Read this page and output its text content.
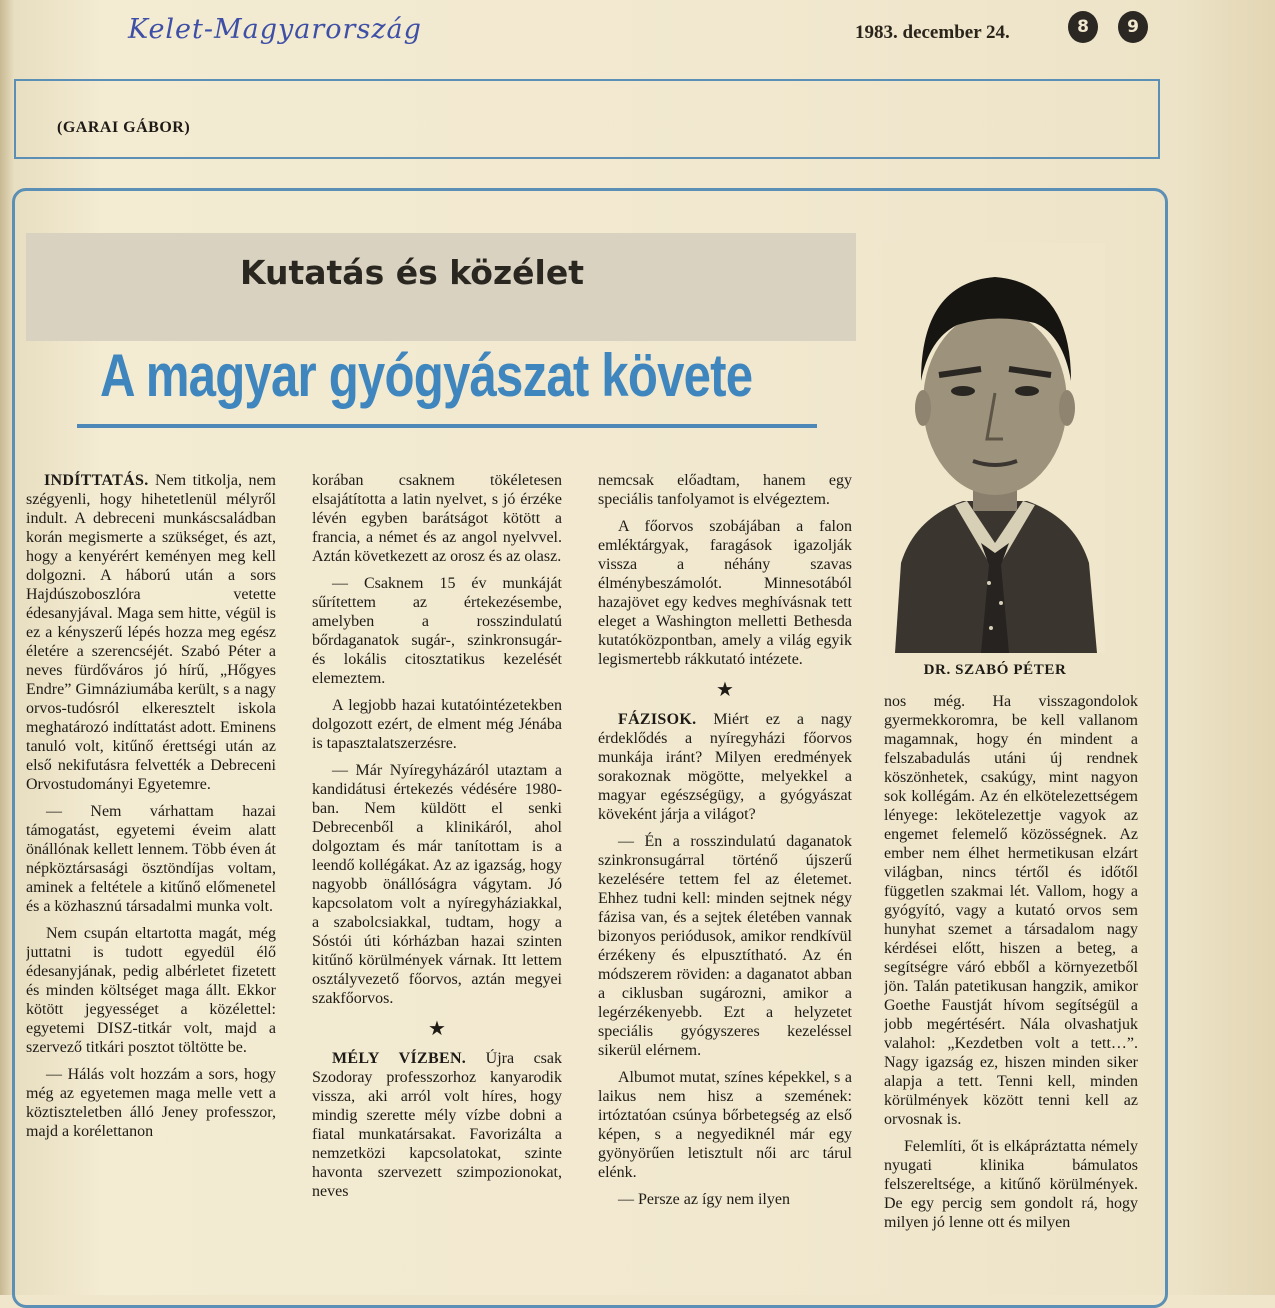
Kelet-Magyarország	1983. december 24.	8	9
(GARAI GÁBOR)
Kutatás és közélet
A magyar gyógyászat követe
DR. SZABÓ PÉTER

INDÍTTATÁS. Nem titkolja, nem szégyenli, hogy hihetetlenül mélyről indult. A debreceni munkáscsaládban korán megismerte a szükséget, és azt, hogy a kenyérért keményen meg kell dolgozni. A háború után a sors Hajdúszoboszlóra vetette édesanyjával. Maga sem hitte, végül is ez a kényszerű lépés hozza meg egész életére a szerencséjét. Szabó Péter a neves fürdőváros jó hírű, „Hőgyes Endre” Gimnáziumába került, s a nagy orvos-tudósról elkeresztelt iskola meghatározó indíttatást adott. Eminens tanuló volt, kitűnő érettségi után az első nekifutásra felvették a Debreceni Orvostudományi Egyetemre.

— Nem várhattam hazai támogatást, egyetemi éveim alatt önállónak kellett lennem. Több éven át népköztársasági ösztöndíjas voltam, aminek a feltétele a kitűnő előmenetel és a közhasznú társadalmi munka volt.

Nem csupán eltartotta magát, még juttatni is tudott egyedül élő édesanyjának, pedig albérletet fizetett és minden költséget maga állt. Ekkor kötött jegyességet a közélettel: egyetemi DISZ-titkár volt, majd a szervező titkári posztot töltötte be.

— Hálás volt hozzám a sors, hogy még az egyetemen maga melle vett a köztiszteletben álló Jeney professzor, majd a korélettanon

korában csaknem tökéletesen elsajátította a latin nyelvet, s jó érzéke lévén egyben barátságot kötött a francia, a német és az angol nyelvvel. Aztán következett az orosz és az olasz.

— Csaknem 15 év munkáját sűrítettem az értekezésembe, amelyben a rosszindulatú bőrdaganatok sugár-, szinkronsugár- és lokális citosztatikus kezelését elemeztem.

A legjobb hazai kutatóintézetekben dolgozott ezért, de elment még Jénába is tapasztalatszerzésre.

— Már Nyíregyházáról utaztam a kandidátusi értekezés védésére 1980-ban. Nem küldött el senki Debrecenből a klinikáról, ahol dolgoztam és már tanítottam is a leendő kollégákat. Az az igazság, hogy nagyobb önállóságra vágytam. Jó kapcsolatom volt a nyíregyháziakkal, a szabolcsiakkal, tudtam, hogy a Sóstói úti kórházban hazai szinten kitűnő körülmények várnak. Itt lettem osztályvezető főorvos, aztán megyei szakfőorvos.

★

MÉLY VÍZBEN. Újra csak Szodoray professzorhoz kanyarodik vissza, aki arról volt híres, hogy mindig szerette mély vízbe dobni a fiatal munkatársakat. Favorizálta a nemzetközi kapcsolatokat, szinte havonta szervezett szimpozionokat, neves

nemcsak előadtam, hanem egy speciális tanfolyamot is elvégeztem.

A főorvos szobájában a falon emléktárgyak, faragások igazolják vissza a néhány szavas élménybeszámolót. Minnesotából hazajövet egy kedves meghívásnak tett eleget a Washington melletti Bethesda kutatóközpontban, amely a világ egyik legismertebb rákkutató intézete.

★

FÁZISOK. Miért ez a nagy érdeklődés a nyíregyházi főorvos munkája iránt? Milyen eredmények sorakoznak mögötte, melyekkel a magyar egészségügy, a gyógyászat köveként járja a világot?

— Én a rosszindulatú daganatok szinkronsugárral történő újszerű kezelésére tettem fel az életemet. Ehhez tudni kell: minden sejtnek négy fázisa van, és a sejtek életében vannak bizonyos periódusok, amikor rendkívül érzékeny és elpusztítható. Az én módszerem röviden: a daganatot abban a ciklusban sugározni, amikor a legérzékenyebb. Ezt a helyzetet speciális gyógyszeres kezeléssel sikerül elérnem.

Albumot mutat, színes képekkel, s a laikus nem hisz a szemének: irtóztatóan csúnya bőrbetegség az első képen, s a negyediknél már egy gyönyörűen letisztult női arc tárul elénk.

— Persze az így nem ilyen

nos még. Ha visszagondolok gyermekkoromra, be kell vallanom magamnak, hogy én mindent a felszabadulás utáni új rendnek köszönhetek, csakúgy, mint nagyon sok kollégám. Az én elkötelezettségem lényege: lekötelezettje vagyok az engemet felemelő közösségnek. Az ember nem élhet hermetikusan elzárt világban, nincs tértől és időtől független szakmai lét. Vallom, hogy a gyógyító, vagy a kutató orvos sem hunyhat szemet a társadalom nagy kérdései előtt, hiszen a beteg, a segítségre váró ebből a környezetből jön. Talán patetikusan hangzik, amikor Goethe Faustját hívom segítségül a jobb megértésért. Nála olvashatjuk valahol: „Kezdetben volt a tett…”. Nagy igazság ez, hiszen minden siker alapja a tett. Tenni kell, minden körülmények között tenni kell az orvosnak is.

Felemlíti, őt is elkápráztatta némely nyugati klinika bámulatos felszereltsége, a kitűnő körülmények. De egy percig sem gondolt rá, hogy milyen jó lenne ott és milyen
